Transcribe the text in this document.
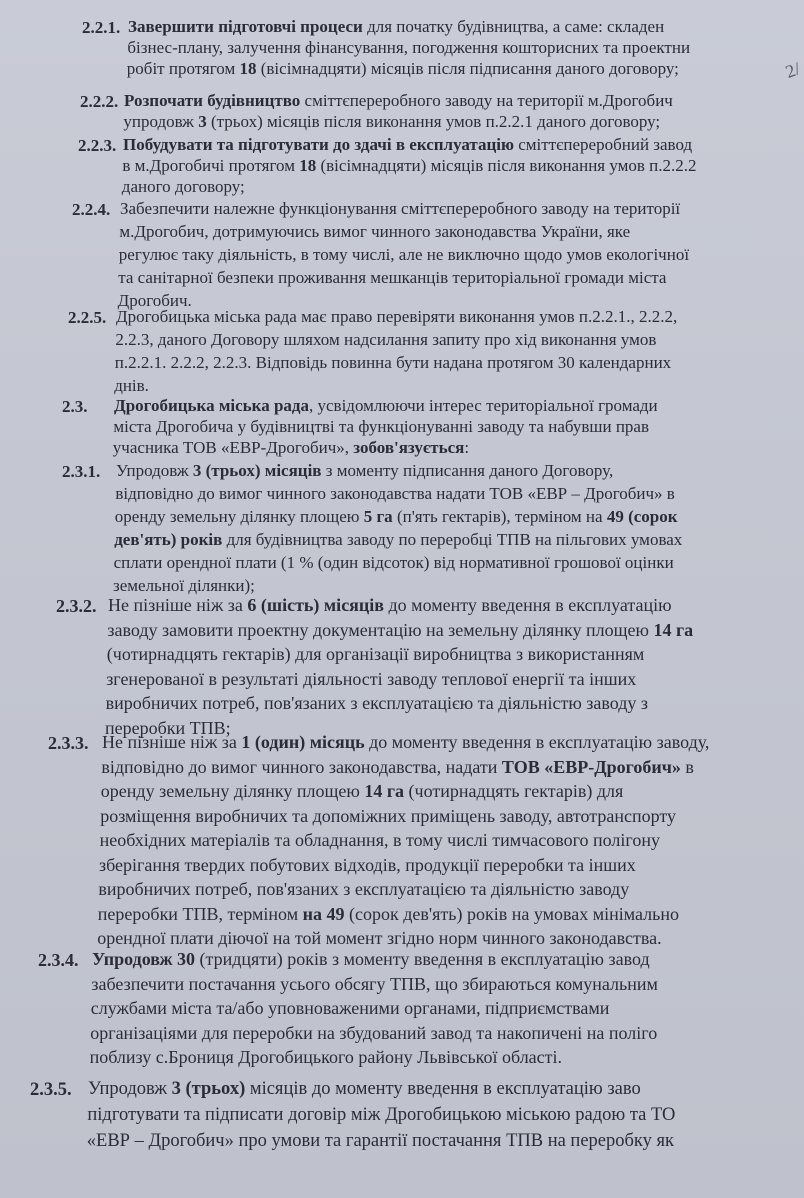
2.2.1. Завершити підготовчі процеси для початку будівництва, а саме: складен
бізнес-плану, залучення фінансування, погодження кошторисних та проектни
робіт протягом 18 (вісімнадцяти) місяців після підписання даного договору;
2.2.2. Розпочати будівництво сміттєпереробного заводу на території м.Дрогобич
упродовж 3 (трьох) місяців після виконання умов п.2.2.1 даного договору;
2.2.3. Побудувати та підготувати до здачі в експлуатацію сміттєпереробний завод
в м.Дрогобичі протягом 18 (вісімнадцяти) місяців після виконання умов п.2.2.2
даного договору;
2.2.4. Забезпечити належне функціонування сміттєпереробного заводу на території
м.Дрогобич, дотримуючись вимог чинного законодавства України, яке
регулює таку діяльність, в тому числі, але не виключно щодо умов екологічної
та санітарної безпеки проживання мешканців територіальної громади міста
Дрогобич.
2.2.5. Дрогобицька міська рада має право перевіряти виконання умов п.2.2.1., 2.2.2,
2.2.3, даного Договору шляхом надсилання запиту про хід виконання умов
п.2.2.1. 2.2.2, 2.2.3. Відповідь повинна бути надана протягом 30 календарних
днів.
2.3. Дрогобицька міська рада, усвідомлюючи інтерес територіальної громади
міста Дрогобича у будівництві та функціонуванні заводу та набувши прав
учасника ТОВ «ЕВР-Дрогобич», зобов'язується:
2.3.1. Упродовж 3 (трьох) місяців з моменту підписання даного Договору,
відповідно до вимог чинного законодавства надати ТОВ «ЕВР – Дрогобич» в
оренду земельну ділянку площею 5 га (п'ять гектарів), терміном на 49 (сорок
дев'ять) років для будівництва заводу по переробці ТПВ на пільгових умовах
сплати орендної плати (1 % (один відсоток) від нормативної грошової оцінки
земельної ділянки);
2.3.2. Не пізніше ніж за 6 (шість) місяців до моменту введення в експлуатацію
заводу замовити проектну документацію на земельну ділянку площею 14 га
(чотирнадцять гектарів) для організації виробництва з використанням
згенерованої в результаті діяльності заводу теплової енергії та інших
виробничих потреб, пов'язаних з експлуатацією та діяльністю заводу з
переробки ТПВ;
2.3.3. Не пізніше ніж за 1 (один) місяць до моменту введення в експлуатацію заводу,
відповідно до вимог чинного законодавства, надати ТОВ «ЕВР-Дрогобич» в
оренду земельну ділянку площею 14 га (чотирнадцять гектарів) для
розміщення виробничих та допоміжних приміщень заводу, автотранспорту
необхідних матеріалів та обладнання, в тому числі тимчасового полігону
зберігання твердих побутових відходів, продукції переробки та інших
виробничих потреб, пов'язаних з експлуатацією та діяльністю заводу
переробки ТПВ, терміном на 49 (сорок дев'ять) років на умовах мінімально
орендної плати діючої на той момент згідно норм чинного законодавства.
2.3.4. Упродовж 30 (тридцяти) років з моменту введення в експлуатацію завод
забезпечити постачання усього обсягу ТПВ, що збираються комунальним
службами міста та/або уповноваженими органами, підприємствами
організаціями для переробки на збудований завод та накопичені на поліго
поблизу с.Брониця Дрогобицького району Львівської області.
2.3.5. Упродовж 3 (трьох) місяців до моменту введення в експлуатацію заво
підготувати та підписати договір між Дрогобицькою міською радою та ТО
«ЕВР – Дрогобич» про умови та гарантії постачання ТПВ на переробку як
2/
